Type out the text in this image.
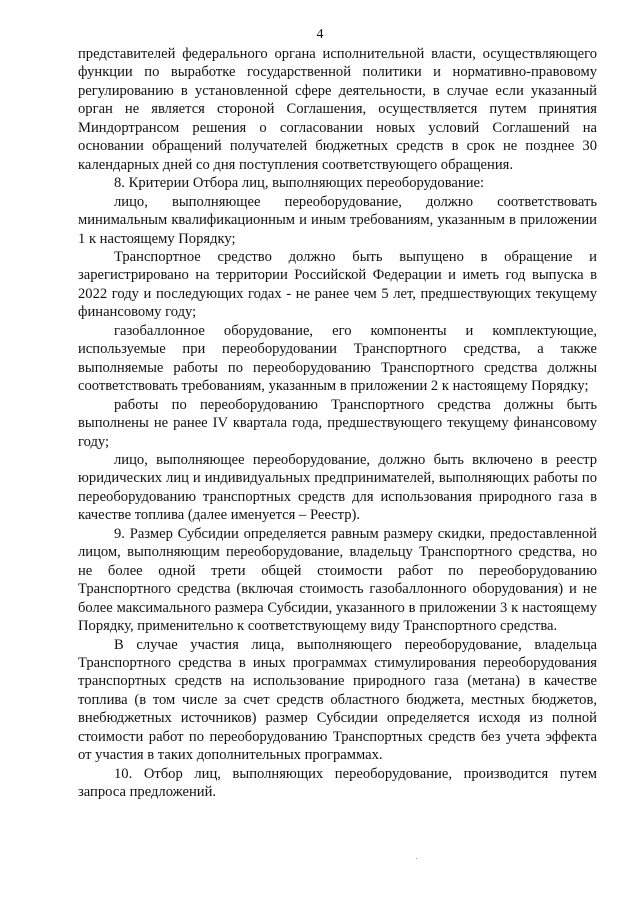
4

представителей федерального органа исполнительной власти, осуществляющего функции по выработке государственной политики и нормативно-правовому регулированию в установленной сфере деятельности, в случае если указанный орган не является стороной Соглашения, осуществляется путем принятия Миндортрансом решения о согласовании новых условий Соглашений на основании обращений получателей бюджетных средств в срок не позднее 30 календарных дней со дня поступления соответствующего обращения.

8. Критерии Отбора лиц, выполняющих переоборудование:

лицо, выполняющее переоборудование, должно соответствовать минимальным квалификационным и иным требованиям, указанным в приложении 1 к настоящему Порядку;

Транспортное средство должно быть выпущено в обращение и зарегистрировано на территории Российской Федерации и иметь год выпуска в 2022 году и последующих годах - не ранее чем 5 лет, предшествующих текущему финансовому году;

газобаллонное оборудование, его компоненты и комплектующие, используемые при переоборудовании Транспортного средства, а также выполняемые работы по переоборудованию Транспортного средства должны соответствовать требованиям, указанным в приложении 2 к настоящему Порядку;

работы по переоборудованию Транспортного средства должны быть выполнены не ранее IV квартала года, предшествующего текущему финансовому году;

лицо, выполняющее переоборудование, должно быть включено в реестр юридических лиц и индивидуальных предпринимателей, выполняющих работы по переоборудованию транспортных средств для использования природного газа в качестве топлива (далее именуется – Реестр).

9. Размер Субсидии определяется равным размеру скидки, предоставленной лицом, выполняющим переоборудование, владельцу Транспортного средства, но не более одной трети общей стоимости работ по переоборудованию Транспортного средства (включая стоимость газобаллонного оборудования) и не более максимального размера Субсидии, указанного в приложении 3 к настоящему Порядку, применительно к соответствующему виду Транспортного средства.

В случае участия лица, выполняющего переоборудование, владельца Транспортного средства в иных программах стимулирования переоборудования транспортных средств на использование природного газа (метана) в качестве топлива (в том числе за счет средств областного бюджета, местных бюджетов, внебюджетных источников) размер Субсидии определяется исходя из полной стоимости работ по переоборудованию Транспортных средств без учета эффекта от участия в таких дополнительных программах.

10. Отбор лиц, выполняющих переоборудование, производится путем запроса предложений.
